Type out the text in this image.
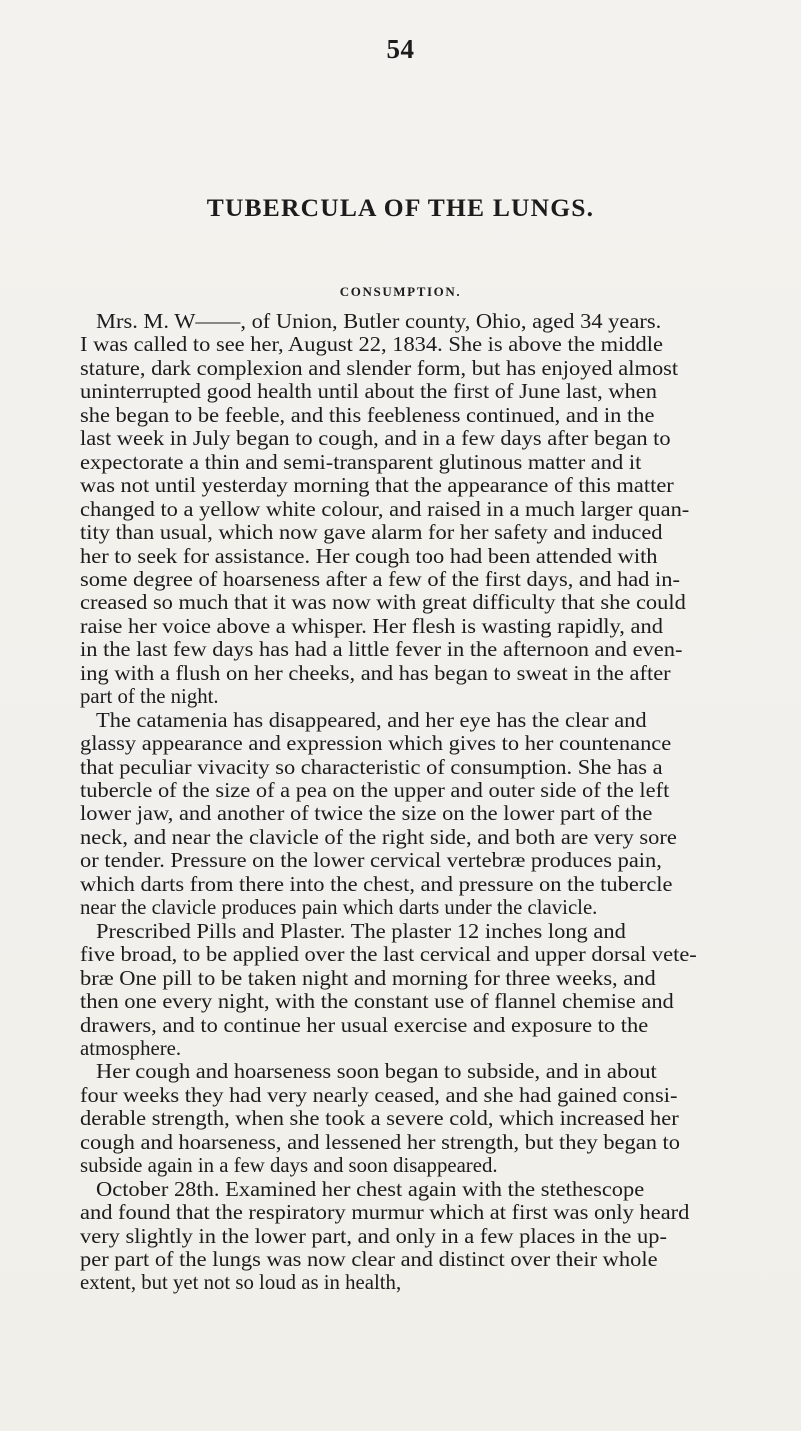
54
TUBERCULA OF THE LUNGS.
CONSUMPTION.
Mrs. M. W——, of Union, Butler county, Ohio, aged 34 years.
I was called to see her, August 22, 1834. She is above the middle
stature, dark complexion and slender form, but has enjoyed almost
uninterrupted good health until about the first of June last, when
she began to be feeble, and this feebleness continued, and in the
last week in July began to cough, and in a few days after began to
expectorate a thin and semi-transparent glutinous matter and it
was not until yesterday morning that the appearance of this matter
changed to a yellow white colour, and raised in a much larger quan-
tity than usual, which now gave alarm for her safety and induced
her to seek for assistance. Her cough too had been attended with
some degree of hoarseness after a few of the first days, and had in-
creased so much that it was now with great difficulty that she could
raise her voice above a whisper. Her flesh is wasting rapidly, and
in the last few days has had a little fever in the afternoon and even-
ing with a flush on her cheeks, and has began to sweat in the after
part of the night.
The catamenia has disappeared, and her eye has the clear and
glassy appearance and expression which gives to her countenance
that peculiar vivacity so characteristic of consumption. She has a
tubercle of the size of a pea on the upper and outer side of the left
lower jaw, and another of twice the size on the lower part of the
neck, and near the clavicle of the right side, and both are very sore
or tender. Pressure on the lower cervical vertebræ produces pain,
which darts from there into the chest, and pressure on the tubercle
near the clavicle produces pain which darts under the clavicle.
Prescribed Pills and Plaster. The plaster 12 inches long and
five broad, to be applied over the last cervical and upper dorsal vete-
bræ One pill to be taken night and morning for three weeks, and
then one every night, with the constant use of flannel chemise and
drawers, and to continue her usual exercise and exposure to the
atmosphere.
Her cough and hoarseness soon began to subside, and in about
four weeks they had very nearly ceased, and she had gained consi-
derable strength, when she took a severe cold, which increased her
cough and hoarseness, and lessened her strength, but they began to
subside again in a few days and soon disappeared.
October 28th. Examined her chest again with the stethescope
and found that the respiratory murmur which at first was only heard
very slightly in the lower part, and only in a few places in the up-
per part of the lungs was now clear and distinct over their whole
extent, but yet not so loud as in health,
